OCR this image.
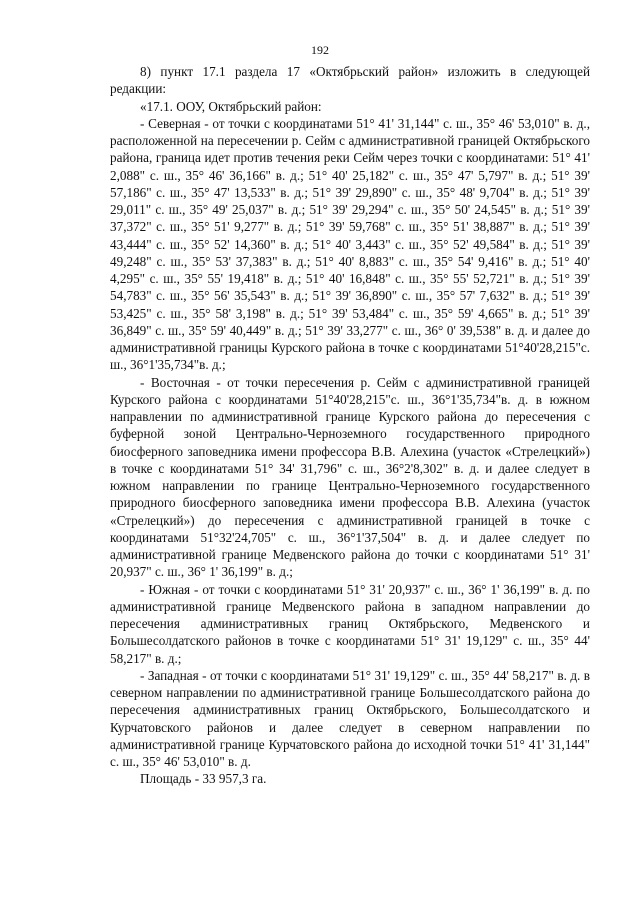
192

8) пункт 17.1 раздела 17 «Октябрьский район» изложить в следующей редакции:

«17.1. ООУ, Октябрьский район:

- Северная - от точки с координатами 51° 41' 31,144" с. ш., 35° 46' 53,010" в. д., расположенной на пересечении р. Сейм с административной границей Октябрьского района, граница идет против течения реки Сейм через точки с координатами: 51° 41' 2,088" с. ш., 35° 46' 36,166" в. д.; 51° 40' 25,182" с. ш., 35° 47' 5,797" в. д.; 51° 39' 57,186" с. ш., 35° 47' 13,533" в. д.; 51° 39' 29,890" с. ш., 35° 48' 9,704" в. д.; 51° 39' 29,011" с. ш., 35° 49' 25,037" в. д.; 51° 39' 29,294" с. ш., 35° 50' 24,545" в. д.; 51° 39' 37,372" с. ш., 35° 51' 9,277" в. д.; 51° 39' 59,768" с. ш., 35° 51' 38,887" в. д.; 51° 39' 43,444" с. ш., 35° 52' 14,360" в. д.; 51° 40' 3,443" с. ш., 35° 52' 49,584" в. д.; 51° 39' 49,248" с. ш., 35° 53' 37,383" в. д.; 51° 40' 8,883" с. ш., 35° 54' 9,416" в. д.; 51° 40' 4,295" с. ш., 35° 55' 19,418" в. д.; 51° 40' 16,848" с. ш., 35° 55' 52,721" в. д.; 51° 39' 54,783" с. ш., 35° 56' 35,543" в. д.; 51° 39' 36,890" с. ш., 35° 57' 7,632" в. д.; 51° 39' 53,425" с. ш., 35° 58' 3,198" в. д.; 51° 39' 53,484" с. ш., 35° 59' 4,665" в. д.; 51° 39' 36,849" с. ш., 35° 59' 40,449" в. д.; 51° 39' 33,277" с. ш., 36° 0' 39,538" в. д. и далее до административной границы Курского района в точке с координатами 51°40'28,215"с. ш., 36°1'35,734"в. д.;

- Восточная - от точки пересечения р. Сейм с административной границей Курского района с координатами 51°40'28,215"с. ш., 36°1'35,734"в. д. в южном направлении по административной границе Курского района до пересечения с буферной зоной Центрально-Черноземного государственного природного биосферного заповедника имени профессора В.В. Алехина (участок «Стрелецкий») в точке с координатами 51° 34' 31,796" с. ш., 36°2'8,302" в. д. и далее следует в южном направлении по границе Центрально-Черноземного государственного природного биосферного заповедника имени профессора В.В. Алехина (участок «Стрелецкий») до пересечения с административной границей в точке с координатами 51°32'24,705" с. ш., 36°1'37,504" в. д. и далее следует по административной границе Медвенского района до точки с координатами 51° 31' 20,937" с. ш., 36° 1' 36,199" в. д.;

- Южная - от точки с координатами 51° 31' 20,937" с. ш., 36° 1' 36,199" в. д. по административной границе Медвенского района в западном направлении до пересечения административных границ Октябрьского, Медвенского и Большесолдатского районов в точке с координатами 51° 31' 19,129" с. ш., 35° 44' 58,217" в. д.;

- Западная - от точки с координатами 51° 31' 19,129" с. ш., 35° 44' 58,217" в. д. в северном направлении по административной границе Большесолдатского района до пересечения административных границ Октябрьского, Большесолдатского и Курчатовского районов и далее следует в северном направлении по административной границе Курчатовского района до исходной точки 51° 41' 31,144" с. ш., 35° 46' 53,010" в. д.

Площадь - 33 957,3 га.
